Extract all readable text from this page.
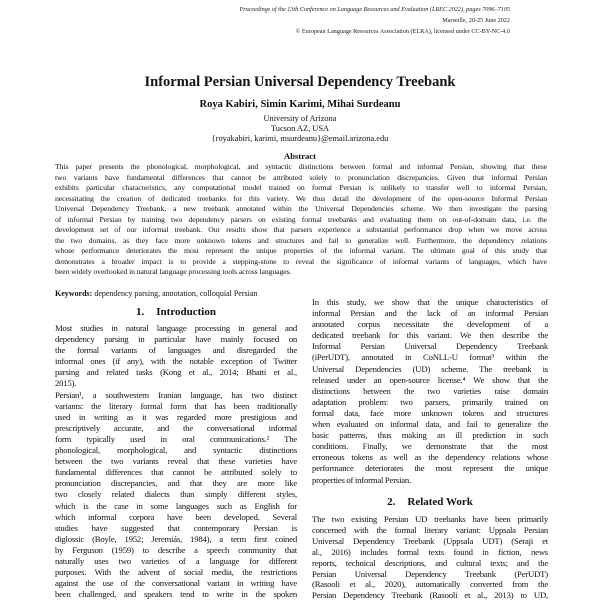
Proceedings of the 13th Conference on Language Resources and Evaluation (LREC 2022), pages 7096–7105
Marseille, 20-25 June 2022
© European Language Resources Association (ELRA), licensed under CC-BY-NC-4.0
Informal Persian Universal Dependency Treebank
Roya Kabiri, Simin Karimi, Mihai Surdeanu
University of Arizona
Tucson AZ, USA
{royakabiri, karimi, msurdeanu}@email.arizona.edu
Abstract
This paper presents the phonological, morphological, and syntactic distinctions between formal and informal Persian, showing that these
two variants have fundamental differences that cannot be attributed solely to pronunciation discrepancies. Given that informal Persian
exhibits particular characteristics, any computational model trained on formal Persian is unlikely to transfer well to informal Persian,
necessitating the creation of dedicated treebanks for this variety. We thus detail the development of the open-source Informal Persian
Universal Dependency Treebank, a new treebank annotated within the Universal Dependencies scheme. We then investigate the parsing
of informal Persian by training two dependency parsers on existing formal treebanks and evaluating them on out-of-domain data, i.e. the
development set of our informal treebank. Our results show that parsers experience a substantial performance drop when we move across
the two domains, as they face more unknown tokens and structures and fail to generalize well. Furthermore, the dependency relations
whose performance deteriorates the most represent the unique properties of the informal variant. The ultimate goal of this study that
demonstrates a broader impact is to provide a stepping-stone to reveal the significance of informal variants of languages, which have
been widely overlooked in natural language processing tools across languages.
Keywords: dependency parsing, annotation, colloquial Persian
1. Introduction
Most studies in natural language processing in general and
dependency parsing in particular have mainly focused on
the formal variants of languages and disregarded the
informal ones (if any), with the notable exception of Twitter
parsing and related tasks (Kong et al., 2014; Bhatti et al.,
2015).
Persian¹, a southwestern Iranian language, has two distinct
variants: the literary formal form that has been traditionally
used in writing as it was regarded more prestigious and
prescriptively accurate, and the conversational informal
form typically used in oral communications.² The
phonological, morphological, and syntactic distinctions
between the two variants reveal that these varieties have
fundamental differences that cannot be attributed solely to
pronunciation discrepancies, and that they are more like
two closely related dialects than simply different styles,
which is the case in some languages such as English for
which informal corpora have been developed. Several
studies have suggested that contemporary Persian is
diglossic (Boyle, 1952; Jeremiás, 1984), a term first coined
by Ferguson (1959) to describe a speech community that
naturally uses two varieties of a language for different
purposes. With the advent of social media, the restrictions
against the use of the conversational variant in writing have
been challenged, and speakers tend to write in the spoken
In this study, we show that the unique characteristics of
informal Persian and the lack of an informal Persian
annotated corpus necessitate the development of a
dedicated treebank for this variant. We then describe the
Informal Persian Universal Dependency Treebank
(iPerUDT), annotated in CoNLL-U format³ within the
Universal Dependencies (UD) scheme. The treebank is
released under an open-source license.⁴ We show that the
distinctions between the two varieties raise domain
adaptation problem: two parsers, primarily trained on
formal data, face more unknown tokens and structures
when evaluated on informal data, and fail to generalize the
basic patterns, thus making an ill prediction in such
conditions. Finally, we demonstrate that the most
erroneous tokens as well as the dependency relations whose
performance deteriorates the most represent the unique
properties of informal Persian.
2. Related Work
The two existing Persian UD treebanks have been primarily
concerned with the formal literary variant: Uppsala Persian
Universal Dependency Treebank (Uppsala UDT) (Seraji et
al., 2016) includes formal texts found in fiction, news
reports, technical descriptions, and cultural texts; and the
Persian Universal Dependency Treebank (PerUDT)
(Rasooli et al., 2020), automatically converted from the
Persian Dependency Treebank (Rasooli et al., 2013) to UD,
